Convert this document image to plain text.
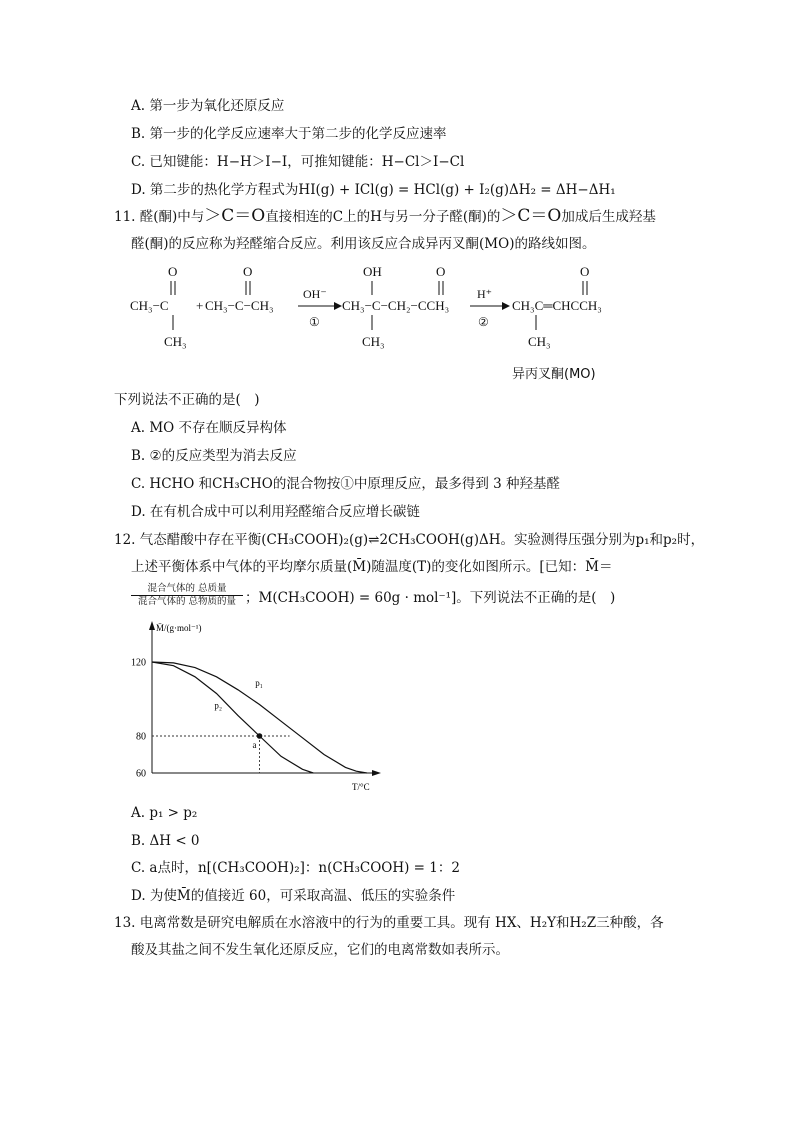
A. 第一步为氧化还原反应
B. 第一步的化学反应速率大于第二步的化学反应速率
C. 已知键能：H−H＞I−I，可推知键能：H−Cl＞I−Cl
D. 第二步的热化学方程式为HI(g) + ICl(g) = HCl(g) + I₂(g)ΔH₂ = ΔH−ΔH₁
11. 醛(酮)中与＞C＝O直接相连的C上的H与另一分子醛(酮)的＞C＝O加成后生成羟基
醛(酮)的反应称为羟醛缩合反应。利用该反应合成异丙叉酮(MO)的路线如图。
O
CH₃−C
CH₃
+
O
CH₃−C−CH₃
OH⁻
①
OH	O
CH₃−C−CH₂−CCH₃
CH₃
H⁺
②
O
CH₃C═CHCCH₃
CH₃
异丙叉酮(MO)
下列说法不正确的是(　)
A. MO 不存在顺反异构体
B. ②的反应类型为消去反应
C. HCHO 和CH₃CHO的混合物按①中原理反应，最多得到 3 种羟基醛
D. 在有机合成中可以利用羟醛缩合反应增长碳链
12. 气态醋酸中存在平衡(CH₃COOH)₂(g)⇌2CH₃COOH(g)ΔH。实验测得压强分别为p₁和p₂时，
上述平衡体系中气体的平均摩尔质量(M̄)随温度(T)的变化如图所示。[已知：M̄＝
混合气体的 总质量
混合气体的 总物质的量 ；M(CH₃COOH) = 60g · mol⁻¹]。下列说法不正确的是(　)
M̄/(g·mol⁻¹)
T/°C
120
80
60
p₁
p₂
a
A. p₁ > p₂
B. ΔH < 0
C. a点时，n[(CH₃COOH)₂]：n(CH₃COOH) = 1：2
D. 为使M̄的值接近 60，可采取高温、低压的实验条件
13. 电离常数是研究电解质在水溶液中的行为的重要工具。现有 HX、H₂Y和H₂Z三种酸，各
酸及其盐之间不发生氧化还原反应，它们的电离常数如表所示。
